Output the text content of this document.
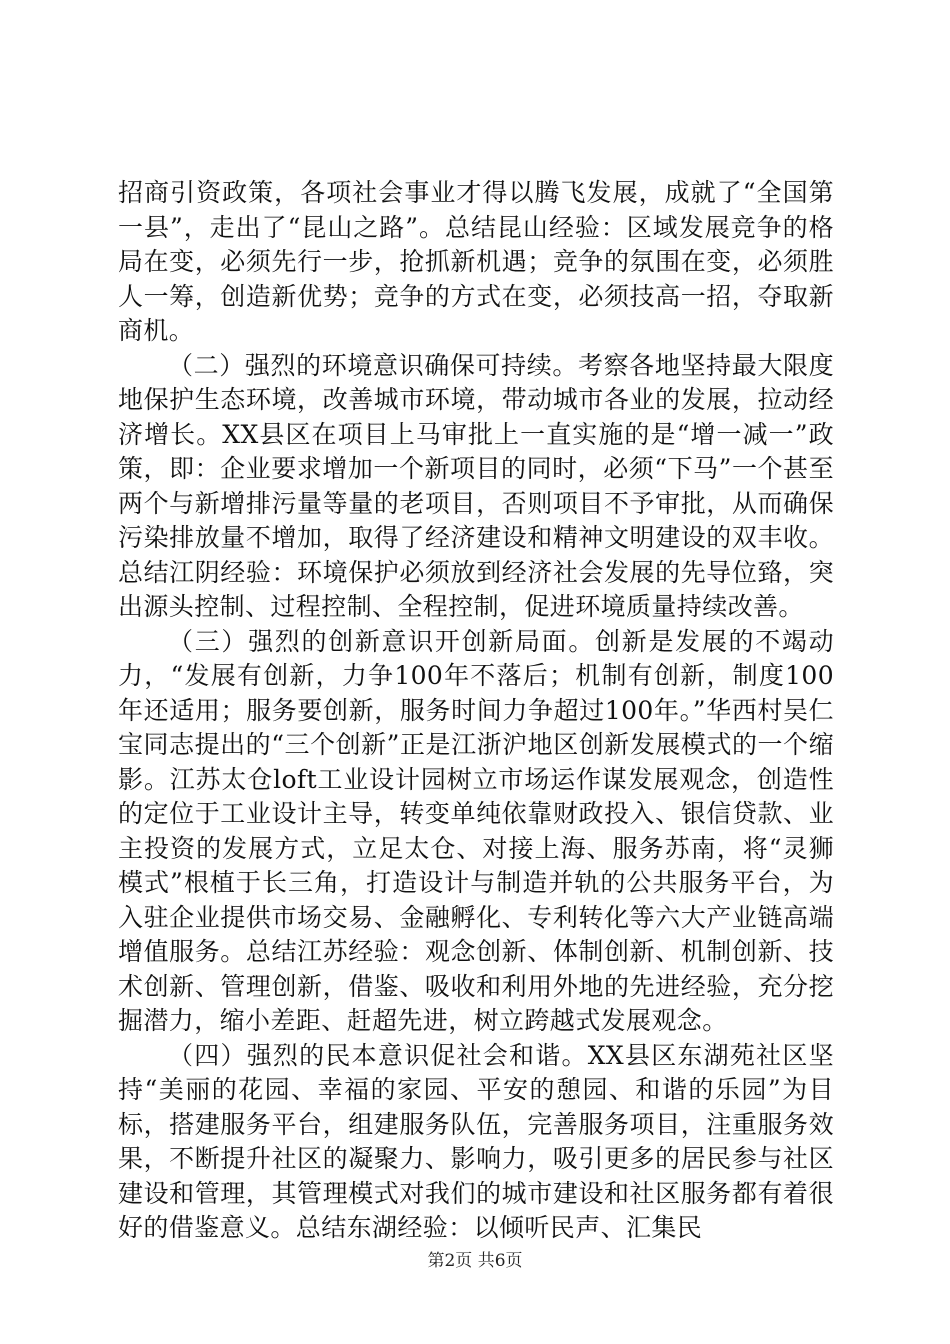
招商引资政策，各项社会事业才得以腾飞发展，成就了“全国第一县”，走出了“昆山之路”。总结昆山经验：区域发展竞争的格局在变，必须先行一步，抢抓新机遇；竞争的氛围在变，必须胜人一筹，创造新优势；竞争的方式在变，必须技高一招，夺取新商机。

（二）强烈的环境意识确保可持续。考察各地坚持最大限度地保护生态环境，改善城市环境，带动城市各业的发展，拉动经济增长。XX县区在项目上马审批上一直实施的是“增一减一”政策，即：企业要求增加一个新项目的同时，必须“下马”一个甚至两个与新增排污量等量的老项目，否则项目不予审批，从而确保污染排放量不增加，取得了经济建设和精神文明建设的双丰收。总结江阴经验：环境保护必须放到经济社会发展的先导位臵，突出源头控制、过程控制、全程控制，促进环境质量持续改善。

（三）强烈的创新意识开创新局面。创新是发展的不竭动力，“发展有创新，力争100年不落后；机制有创新，制度100年还适用；服务要创新，服务时间力争超过100年。”华西村吴仁宝同志提出的“三个创新”正是江浙沪地区创新发展模式的一个缩影。江苏太仓loft工业设计园树立市场运作谋发展观念，创造性的定位于工业设计主导，转变单纯依靠财政投入、银信贷款、业主投资的发展方式，立足太仓、对接上海、服务苏南，将“灵狮模式”根植于长三角，打造设计与制造并轨的公共服务平台，为入驻企业提供市场交易、金融孵化、专利转化等六大产业链高端增值服务。总结江苏经验：观念创新、体制创新、机制创新、技术创新、管理创新，借鉴、吸收和利用外地的先进经验，充分挖掘潜力，缩小差距、赶超先进，树立跨越式发展观念。

（四）强烈的民本意识促社会和谐。XX县区东湖苑社区坚持“美丽的花园、幸福的家园、平安的憩园、和谐的乐园”为目标，搭建服务平台，组建服务队伍，完善服务项目，注重服务效果，不断提升社区的凝聚力、影响力，吸引更多的居民参与社区建设和管理，其管理模式对我们的城市建设和社区服务都有着很好的借鉴意义。总结东湖经验：以倾听民声、汇集民

第2页 共6页
